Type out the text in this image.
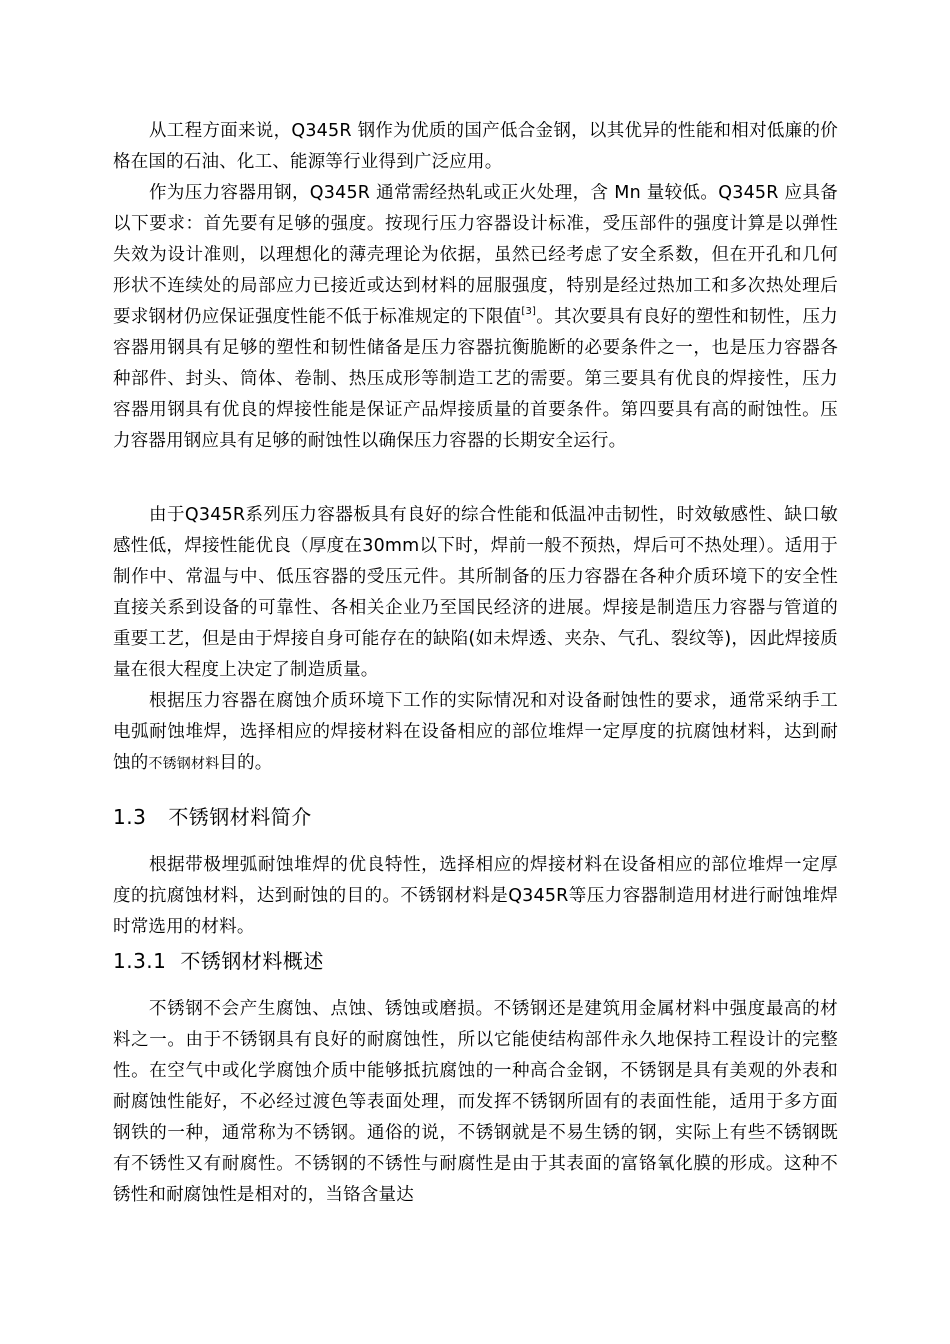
从工程方面来说，Q345R 钢作为优质的国产低合金钢，以其优异的性能和相对低廉的价格在国的石油、化工、能源等行业得到广泛应用。

作为压力容器用钢，Q345R 通常需经热轧或正火处理，含 Mn 量较低。Q345R 应具备以下要求：首先要有足够的强度。按现行压力容器设计标准，受压部件的强度计算是以弹性失效为设计准则，以理想化的薄壳理论为依据，虽然已经考虑了安全系数，但在开孔和几何形状不连续处的局部应力已接近或达到材料的屈服强度，特别是经过热加工和多次热处理后要求钢材仍应保证强度性能不低于标准规定的下限值[3]。其次要具有良好的塑性和韧性，压力容器用钢具有足够的塑性和韧性储备是压力容器抗衡脆断的必要条件之一，也是压力容器各种部件、封头、筒体、卷制、热压成形等制造工艺的需要。第三要具有优良的焊接性，压力容器用钢具有优良的焊接性能是保证产品焊接质量的首要条件。第四要具有高的耐蚀性。压力容器用钢应具有足够的耐蚀性以确保压力容器的长期安全运行。

由于Q345R系列压力容器板具有良好的综合性能和低温冲击韧性，时效敏感性、缺口敏感性低，焊接性能优良（厚度在30mm以下时，焊前一般不预热，焊后可不热处理）。适用于制作中、常温与中、低压容器的受压元件。其所制备的压力容器在各种介质环境下的安全性直接关系到设备的可靠性、各相关企业乃至国民经济的进展。焊接是制造压力容器与管道的重要工艺，但是由于焊接自身可能存在的缺陷(如未焊透、夹杂、气孔、裂纹等)，因此焊接质量在很大程度上决定了制造质量。

根据压力容器在腐蚀介质环境下工作的实际情况和对设备耐蚀性的要求，通常采纳手工电弧耐蚀堆焊，选择相应的焊接材料在设备相应的部位堆焊一定厚度的抗腐蚀材料，达到耐蚀的不锈钢材料目的。

1.3 不锈钢材料简介

根据带极埋弧耐蚀堆焊的优良特性，选择相应的焊接材料在设备相应的部位堆焊一定厚度的抗腐蚀材料，达到耐蚀的目的。不锈钢材料是Q345R等压力容器制造用材进行耐蚀堆焊时常选用的材料。

1.3.1 不锈钢材料概述

不锈钢不会产生腐蚀、点蚀、锈蚀或磨损。不锈钢还是建筑用金属材料中强度最高的材料之一。由于不锈钢具有良好的耐腐蚀性，所以它能使结构部件永久地保持工程设计的完整性。在空气中或化学腐蚀介质中能够抵抗腐蚀的一种高合金钢，不锈钢是具有美观的外表和耐腐蚀性能好，不必经过渡色等表面处理，而发挥不锈钢所固有的表面性能，适用于多方面钢铁的一种，通常称为不锈钢。通俗的说，不锈钢就是不易生锈的钢，实际上有些不锈钢既有不锈性又有耐腐性。不锈钢的不锈性与耐腐性是由于其表面的富铬氧化膜的形成。这种不锈性和耐腐蚀性是相对的，当铬含量达
